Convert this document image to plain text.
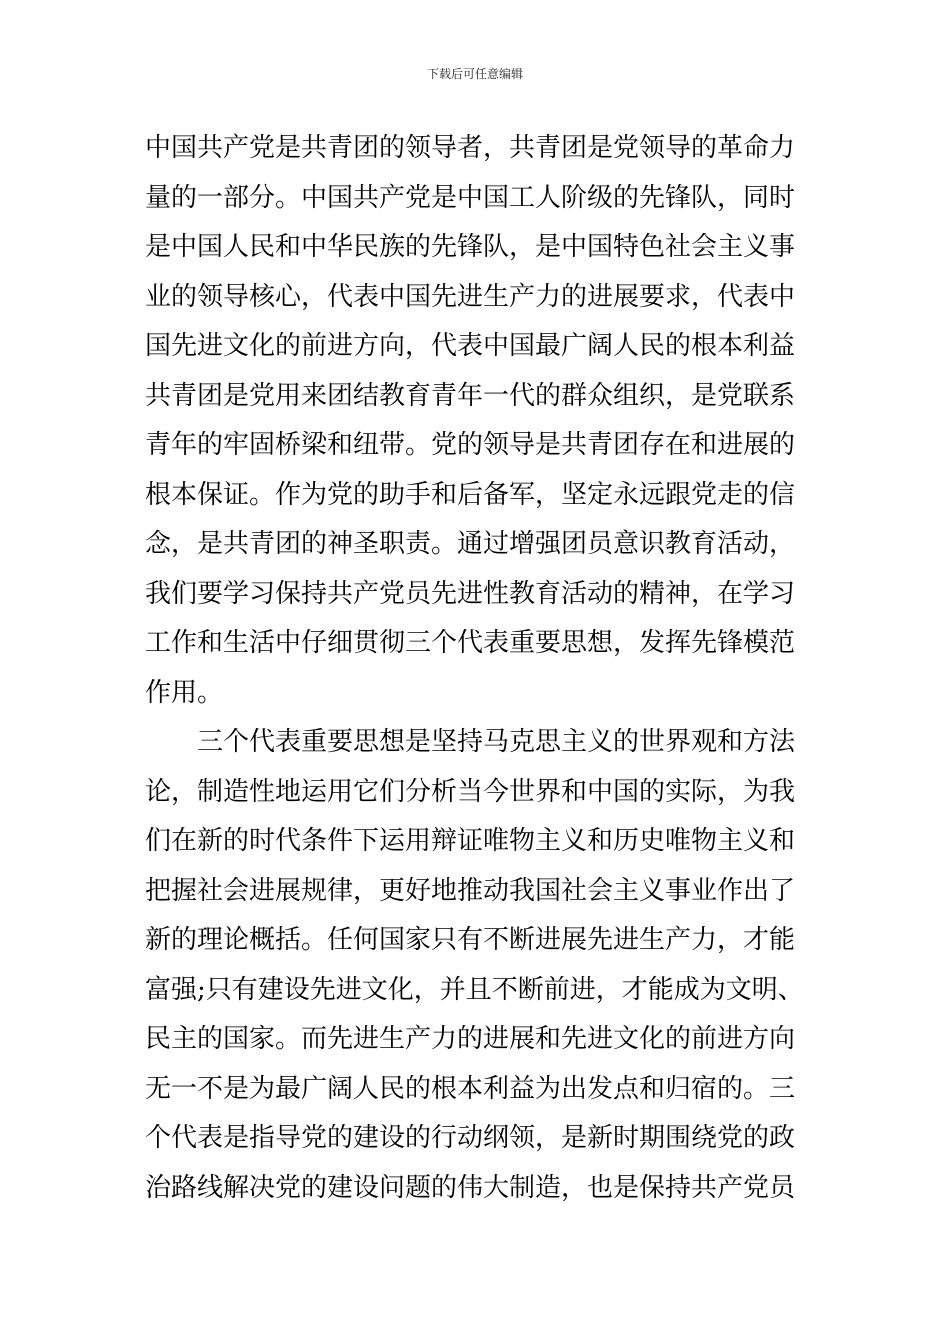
下载后可任意编辑
中国共产党是共青团的领导者，共青团是党领导的革命力
量的一部分。中国共产党是中国工人阶级的先锋队，同时
是中国人民和中华民族的先锋队，是中国特色社会主义事
业的领导核心，代表中国先进生产力的进展要求，代表中
国先进文化的前进方向，代表中国最广阔人民的根本利益
共青团是党用来团结教育青年一代的群众组织，是党联系
青年的牢固桥梁和纽带。党的领导是共青团存在和进展的
根本保证。作为党的助手和后备军，坚定永远跟党走的信
念，是共青团的神圣职责。通过增强团员意识教育活动，
我们要学习保持共产党员先进性教育活动的精神，在学习
工作和生活中仔细贯彻三个代表重要思想，发挥先锋模范
作用。
三个代表重要思想是坚持马克思主义的世界观和方法
论，制造性地运用它们分析当今世界和中国的实际，为我
们在新的时代条件下运用辩证唯物主义和历史唯物主义和
把握社会进展规律，更好地推动我国社会主义事业作出了
新的理论概括。任何国家只有不断进展先进生产力，才能
富强;只有建设先进文化，并且不断前进，才能成为文明、
民主的国家。而先进生产力的进展和先进文化的前进方向
无一不是为最广阔人民的根本利益为出发点和归宿的。三
个代表是指导党的建设的行动纲领，是新时期围绕党的政
治路线解决党的建设问题的伟大制造，也是保持共产党员
